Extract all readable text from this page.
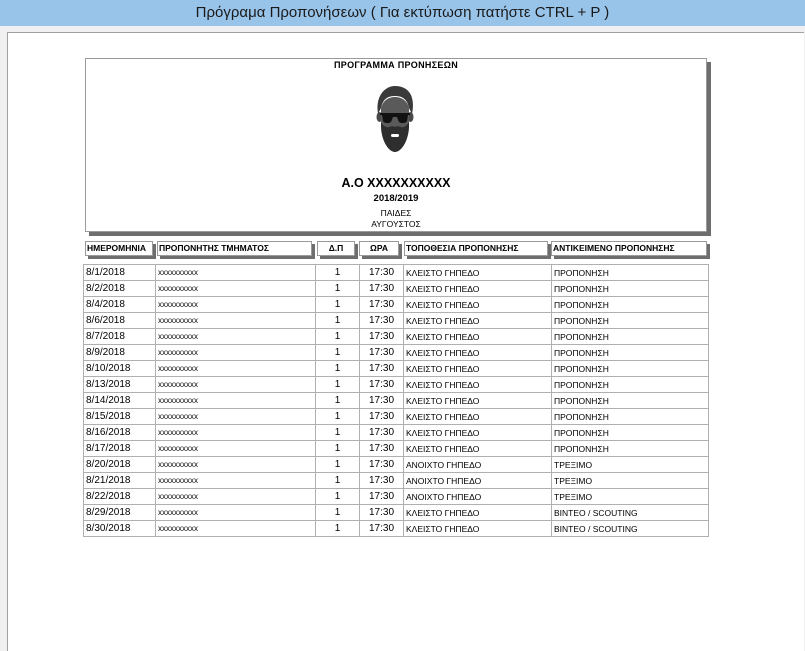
Πρόγραμα Προπονήσεων ( Για εκτύπωση πατήστε CTRL + P )
ΠΡΟΓΡΑΜΜΑ ΠΡΟΝΗΣΕΩΝ
Α.Ο XXXXXXXXXX
2018/2019
ΠΑΙΔΕΣ
ΑΥΓΟΥΣΤΟΣ
ΗΜΕΡΟΜΗΝΙΑ	ΠΡΟΠΟΝΗΤΗΣ ΤΜΗΜΑΤΟΣ	Δ.Π	ΩΡΑ	ΤΟΠΟΘΕΣΙΑ ΠΡΟΠΟΝΗΣΗΣ	ΑΝΤΙΚΕΙΜΕΝΟ ΠΡΟΠΟΝΗΣΗΣ
8/1/2018	xxxxxxxxxx	1	17:30	ΚΛΕΙΣΤΟ ΓΗΠΕΔΟ	ΠΡΟΠΟΝΗΣΗ
8/2/2018	xxxxxxxxxx	1	17:30	ΚΛΕΙΣΤΟ ΓΗΠΕΔΟ	ΠΡΟΠΟΝΗΣΗ
8/4/2018	xxxxxxxxxx	1	17:30	ΚΛΕΙΣΤΟ ΓΗΠΕΔΟ	ΠΡΟΠΟΝΗΣΗ
8/6/2018	xxxxxxxxxx	1	17:30	ΚΛΕΙΣΤΟ ΓΗΠΕΔΟ	ΠΡΟΠΟΝΗΣΗ
8/7/2018	xxxxxxxxxx	1	17:30	ΚΛΕΙΣΤΟ ΓΗΠΕΔΟ	ΠΡΟΠΟΝΗΣΗ
8/9/2018	xxxxxxxxxx	1	17:30	ΚΛΕΙΣΤΟ ΓΗΠΕΔΟ	ΠΡΟΠΟΝΗΣΗ
8/10/2018	xxxxxxxxxx	1	17:30	ΚΛΕΙΣΤΟ ΓΗΠΕΔΟ	ΠΡΟΠΟΝΗΣΗ
8/13/2018	xxxxxxxxxx	1	17:30	ΚΛΕΙΣΤΟ ΓΗΠΕΔΟ	ΠΡΟΠΟΝΗΣΗ
8/14/2018	xxxxxxxxxx	1	17:30	ΚΛΕΙΣΤΟ ΓΗΠΕΔΟ	ΠΡΟΠΟΝΗΣΗ
8/15/2018	xxxxxxxxxx	1	17:30	ΚΛΕΙΣΤΟ ΓΗΠΕΔΟ	ΠΡΟΠΟΝΗΣΗ
8/16/2018	xxxxxxxxxx	1	17:30	ΚΛΕΙΣΤΟ ΓΗΠΕΔΟ	ΠΡΟΠΟΝΗΣΗ
8/17/2018	xxxxxxxxxx	1	17:30	ΚΛΕΙΣΤΟ ΓΗΠΕΔΟ	ΠΡΟΠΟΝΗΣΗ
8/20/2018	xxxxxxxxxx	1	17:30	ΑΝΟΙΧΤΟ ΓΗΠΕΔΟ	ΤΡΕΞΙΜΟ
8/21/2018	xxxxxxxxxx	1	17:30	ΑΝΟΙΧΤΟ ΓΗΠΕΔΟ	ΤΡΕΞΙΜΟ
8/22/2018	xxxxxxxxxx	1	17:30	ΑΝΟΙΧΤΟ ΓΗΠΕΔΟ	ΤΡΕΞΙΜΟ
8/29/2018	xxxxxxxxxx	1	17:30	ΚΛΕΙΣΤΟ ΓΗΠΕΔΟ	ΒΙΝΤΕΟ / SCOUTING
8/30/2018	xxxxxxxxxx	1	17:30	ΚΛΕΙΣΤΟ ΓΗΠΕΔΟ	ΒΙΝΤΕΟ / SCOUTING
